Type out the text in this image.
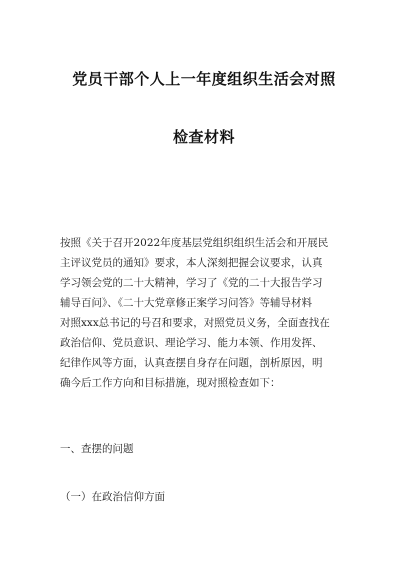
党员干部个人上一年度组织生活会对照
检查材料
按照《关于召开2022年度基层党组织组织生活会和开展民
主评议党员的通知》要求，本人深刻把握会议要求，认真
学习领会党的二十大精神，学习了《党的二十大报告学习
辅导百问》、《二十大党章修正案学习问答》等辅导材料
对照xxx总书记的号召和要求，对照党员义务，全面查找在
政治信仰、党员意识、理论学习、能力本领、作用发挥、
纪律作风等方面，认真查摆自身存在问题，剖析原因，明
确今后工作方向和目标措施，现对照检查如下：
一、查摆的问题
（一）在政治信仰方面
